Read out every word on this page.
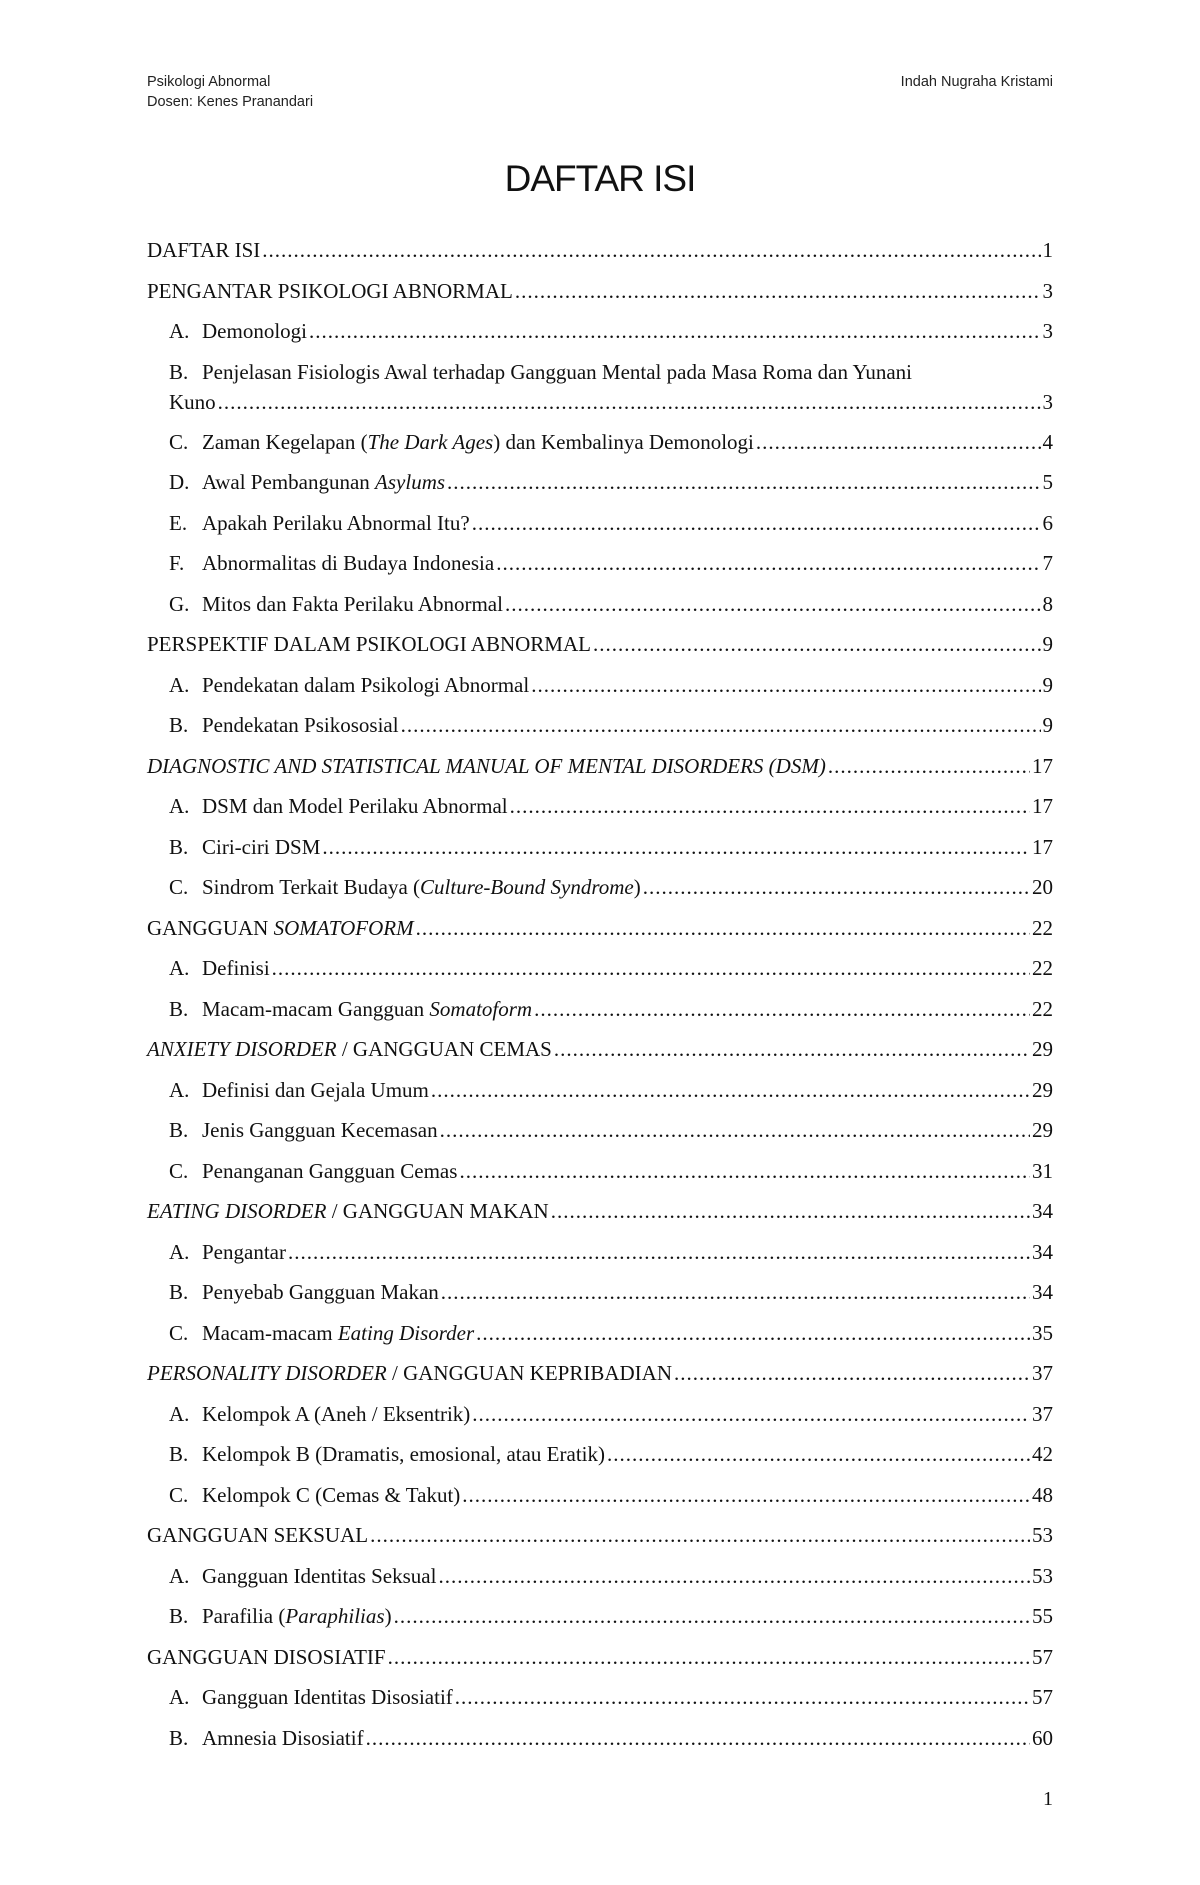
Psikologi Abnormal
Dosen: Kenes Pranandari
Indah Nugraha Kristami
DAFTAR ISI
DAFTAR ISI .....	1
PENGANTAR PSIKOLOGI ABNORMAL .....	3
A. Demonologi .....	3
B. Penjelasan Fisiologis Awal terhadap Gangguan Mental pada Masa Roma dan Yunani
Kuno .....	3
C. Zaman Kegelapan (The Dark Ages) dan Kembalinya Demonologi .....	4
D. Awal Pembangunan Asylums .....	5
E. Apakah Perilaku Abnormal Itu? .....	6
F. Abnormalitas di Budaya Indonesia .....	7
G. Mitos dan Fakta Perilaku Abnormal .....	8
PERSPEKTIF DALAM PSIKOLOGI ABNORMAL .....	9
A. Pendekatan dalam Psikologi Abnormal .....	9
B. Pendekatan Psikososial .....	9
DIAGNOSTIC AND STATISTICAL MANUAL OF MENTAL DISORDERS (DSM) .....	17
A. DSM dan Model Perilaku Abnormal .....	17
B. Ciri-ciri DSM .....	17
C. Sindrom Terkait Budaya (Culture-Bound Syndrome) .....	20
GANGGUAN SOMATOFORM .....	22
A. Definisi .....	22
B. Macam-macam Gangguan Somatoform .....	22
ANXIETY DISORDER / GANGGUAN CEMAS .....	29
A. Definisi dan Gejala Umum .....	29
B. Jenis Gangguan Kecemasan .....	29
C. Penanganan Gangguan Cemas .....	31
EATING DISORDER / GANGGUAN MAKAN .....	34
A. Pengantar .....	34
B. Penyebab Gangguan Makan .....	34
C. Macam-macam Eating Disorder .....	35
PERSONALITY DISORDER / GANGGUAN KEPRIBADIAN .....	37
A. Kelompok A (Aneh / Eksentrik) .....	37
B. Kelompok B (Dramatis, emosional, atau Eratik) .....	42
C. Kelompok C (Cemas & Takut) .....	48
GANGGUAN SEKSUAL .....	53
A. Gangguan Identitas Seksual .....	53
B. Parafilia (Paraphilias) .....	55
GANGGUAN DISOSIATIF .....	57
A. Gangguan Identitas Disosiatif .....	57
B. Amnesia Disosiatif .....	60
1
